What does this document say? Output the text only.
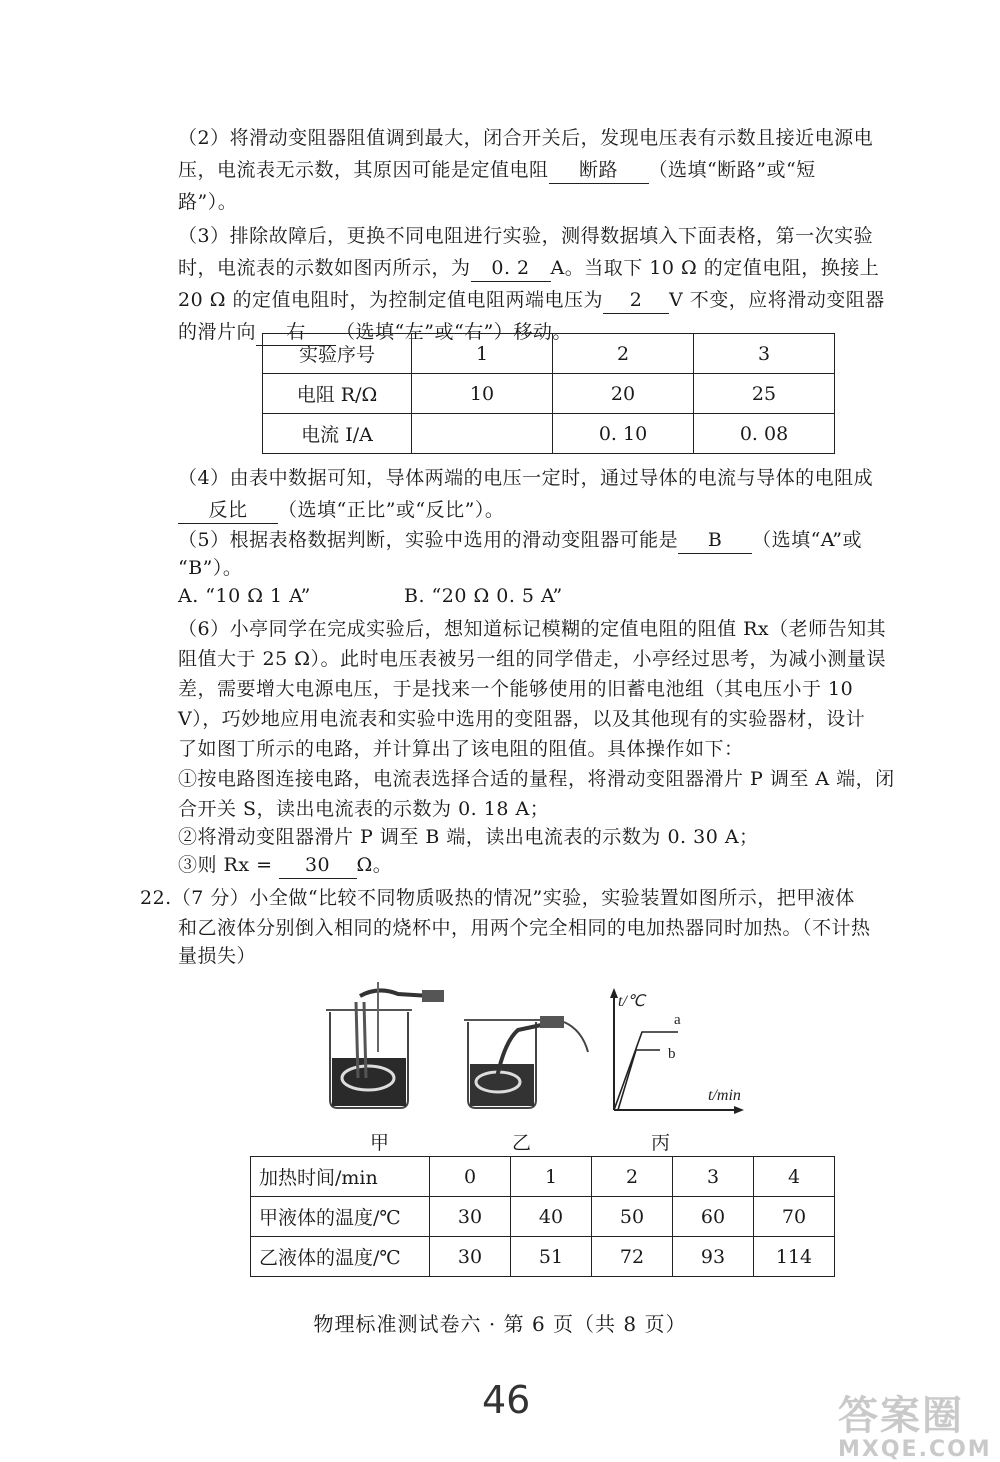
（2）将滑动变阻器阻值调到最大，闭合开关后，发现电压表有示数且接近电源电
压，电流表无示数，其原因可能是定值电阻 断路 （选填“断路”或“短
路”）。
（3）排除故障后，更换不同电阻进行实验，测得数据填入下面表格，第一次实验
时，电流表的示数如图丙所示，为 0. 2 A。当取下 10 Ω 的定值电阻，换接上
20 Ω 的定值电阻时，为控制定值电阻两端电压为 2 V 不变，应将滑动变阻器
的滑片向 右 （选填“左”或“右”）移动。
实验序号	1	2	3
电阻 R/Ω	10	20	25
电流 I/A		0. 10	0. 08
（4）由表中数据可知，导体两端的电压一定时，通过导体的电流与导体的电阻成
反比 （选填“正比”或“反比”）。
（5）根据表格数据判断，实验中选用的滑动变阻器可能是 B （选填“A”或
“B”）。
A. “10 Ω 1 A”	B. “20 Ω 0. 5 A”
（6）小亭同学在完成实验后，想知道标记模糊的定值电阻的阻值 Rx（老师告知其
阻值大于 25 Ω）。此时电压表被另一组的同学借走，小亭经过思考，为减小测量误
差，需要增大电源电压，于是找来一个能够使用的旧蓄电池组（其电压小于 10
V），巧妙地应用电流表和实验中选用的变阻器，以及其他现有的实验器材，设计
了如图丁所示的电路，并计算出了该电阻的阻值。具体操作如下：
①按电路图连接电路，电流表选择合适的量程，将滑动变阻器滑片 P 调至 A 端，闭
合开关 S，读出电流表的示数为 0. 18 A；
②将滑动变阻器滑片 P 调至 B 端，读出电流表的示数为 0. 30 A；
③则 Rx = 30 Ω。
22.（7 分）小全做“比较不同物质吸热的情况”实验，实验装置如图所示，把甲液体
和乙液体分别倒入相同的烧杯中，用两个完全相同的电加热器同时加热。（不计热
量损失）
t/℃
t/min
a
b
甲	乙	丙
加热时间/min	0	1	2	3	4
甲液体的温度/℃	30	40	50	60	70
乙液体的温度/℃	30	51	72	93	114
物理标准测试卷六 · 第 6 页（共 8 页）
46	答案圈
MXQE.COM
